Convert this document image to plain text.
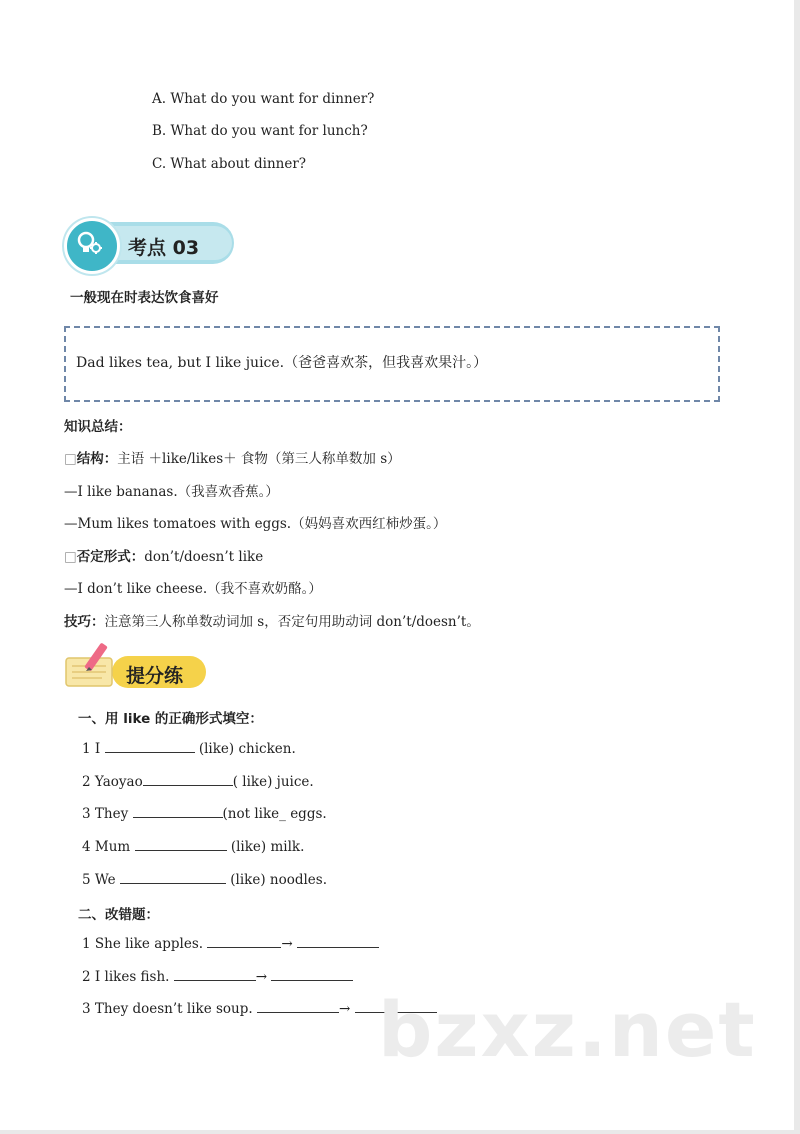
A. What do you want for dinner?
B. What do you want for lunch?
C. What about dinner?
考点 03
一般现在时表达饮食喜好
Dad likes tea, but I like juice.（爸爸喜欢茶，但我喜欢果汁。）
知识总结：
□结构：主语 ＋like/likes＋ 食物（第三人称单数加 s）
—I like bananas.（我喜欢香蕉。）
—Mum likes tomatoes with eggs.（妈妈喜欢西红柿炒蛋。）
□否定形式：don’t/doesn’t like
—I don’t like cheese.（我不喜欢奶酪。）
技巧：注意第三人称单数动词加 s，否定句用助动词 don’t/doesn’t。
提分练
一、用 like 的正确形式填空：
1 I	(like) chicken.
2 Yaoyao	( like) juice.
3 They	(not like_ eggs.
4 Mum	(like) milk.
5 We	(like) noodles.
二、改错题：
1 She like apples.	→
2 I likes fish.	→
3 They doesn’t like soup.	→ bzxz.net
